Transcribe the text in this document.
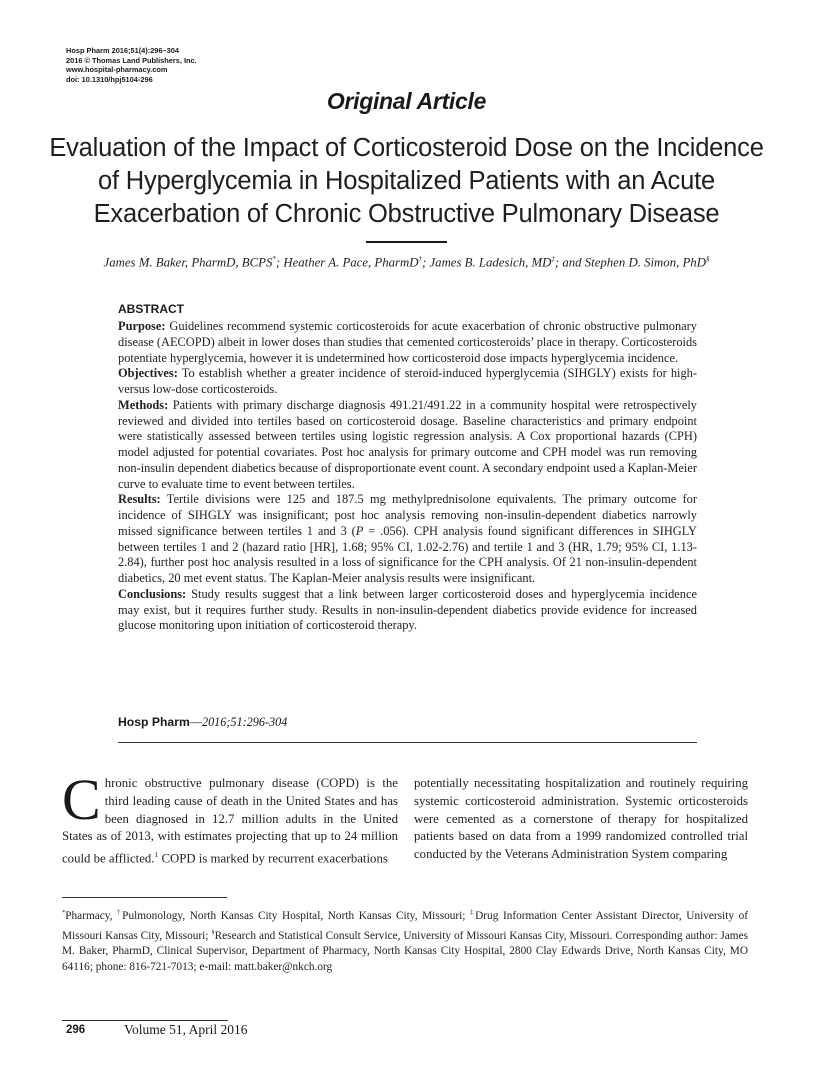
Hosp Pharm 2016;51(4):296–304
2016 © Thomas Land Publishers, Inc.
www.hospital-pharmacy.com
doi: 10.1310/hpj5104-296
Original Article
Evaluation of the Impact of Corticosteroid Dose on the Incidence
of Hyperglycemia in Hospitalized Patients with an Acute
Exacerbation of Chronic Obstructive Pulmonary Disease
James M. Baker, PharmD, BCPS*; Heather A. Pace, PharmD†; James B. Ladesich, MD‡; and Stephen D. Simon, PhD§
ABSTRACT

Purpose: Guidelines recommend systemic corticosteroids for acute exacerbation of chronic obstructive pulmonary disease (AECOPD) albeit in lower doses than studies that cemented corticosteroids’ place in therapy. Corticosteroids potentiate hyperglycemia, however it is undetermined how corticosteroid dose impacts hyperglycemia incidence.

Objectives: To establish whether a greater incidence of steroid-induced hyperglycemia (SIHGLY) exists for high- versus low-dose corticosteroids.

Methods: Patients with primary discharge diagnosis 491.21/491.22 in a community hospital were retrospectively reviewed and divided into tertiles based on corticosteroid dosage. Baseline characteristics and primary endpoint were statistically assessed between tertiles using logistic regression analysis. A Cox proportional hazards (CPH) model adjusted for potential covariates. Post hoc analysis for primary outcome and CPH model was run removing non-insulin dependent diabetics because of disproportionate event count. A secondary endpoint used a Kaplan-Meier curve to evaluate time to event between tertiles.

Results: Tertile divisions were 125 and 187.5 mg methylprednisolone equivalents. The primary outcome for incidence of SIHGLY was insignificant; post hoc analysis removing non-insulin-dependent diabetics narrowly missed significance between tertiles 1 and 3 (P = .056). CPH analysis found significant differences in SIHGLY between tertiles 1 and 2 (hazard ratio [HR], 1.68; 95% CI, 1.02-2.76) and tertile 1 and 3 (HR, 1.79; 95% CI, 1.13-2.84), further post hoc analysis resulted in a loss of significance for the CPH analysis. Of 21 non-insulin-dependent diabetics, 20 met event status. The Kaplan-Meier analysis results were insignificant.

Conclusions: Study results suggest that a link between larger corticosteroid doses and hyperglycemia incidence may exist, but it requires further study. Results in non-insulin-dependent diabetics provide evidence for increased glucose monitoring upon initiation of corticosteroid therapy.

Hosp Pharm—2016;51:296-304

Chronic obstructive pulmonary disease (COPD) is the third leading cause of death in the United States and has been diagnosed in 12.7 million adults in the United States as of 2013, with estimates projecting that up to 24 million could be afflicted.$^1$ COPD is marked by recurrent exacerbations

potentially necessitating hospitalization and routinely requiring systemic corticosteroid administration. Systemic orticosteroids were cemented as a cornerstone of therapy for hospitalized patients based on data from a 1999 randomized controlled trial conducted by the Veterans Administration System comparing

*Pharmacy, †Pulmonology, North Kansas City Hospital, North Kansas City, Missouri; ‡Drug Information Center Assistant Director, University of Missouri Kansas City, Missouri; §Research and Statistical Consult Service, University of Missouri Kansas City, Missouri. Corresponding author: James M. Baker, PharmD, Clinical Supervisor, Department of Pharmacy, North Kansas City Hospital, 2800 Clay Edwards Drive, North Kansas City, MO 64116; phone: 816-721-7013; e-mail: matt.baker@nkch.org

296	Volume 51, April 2016
